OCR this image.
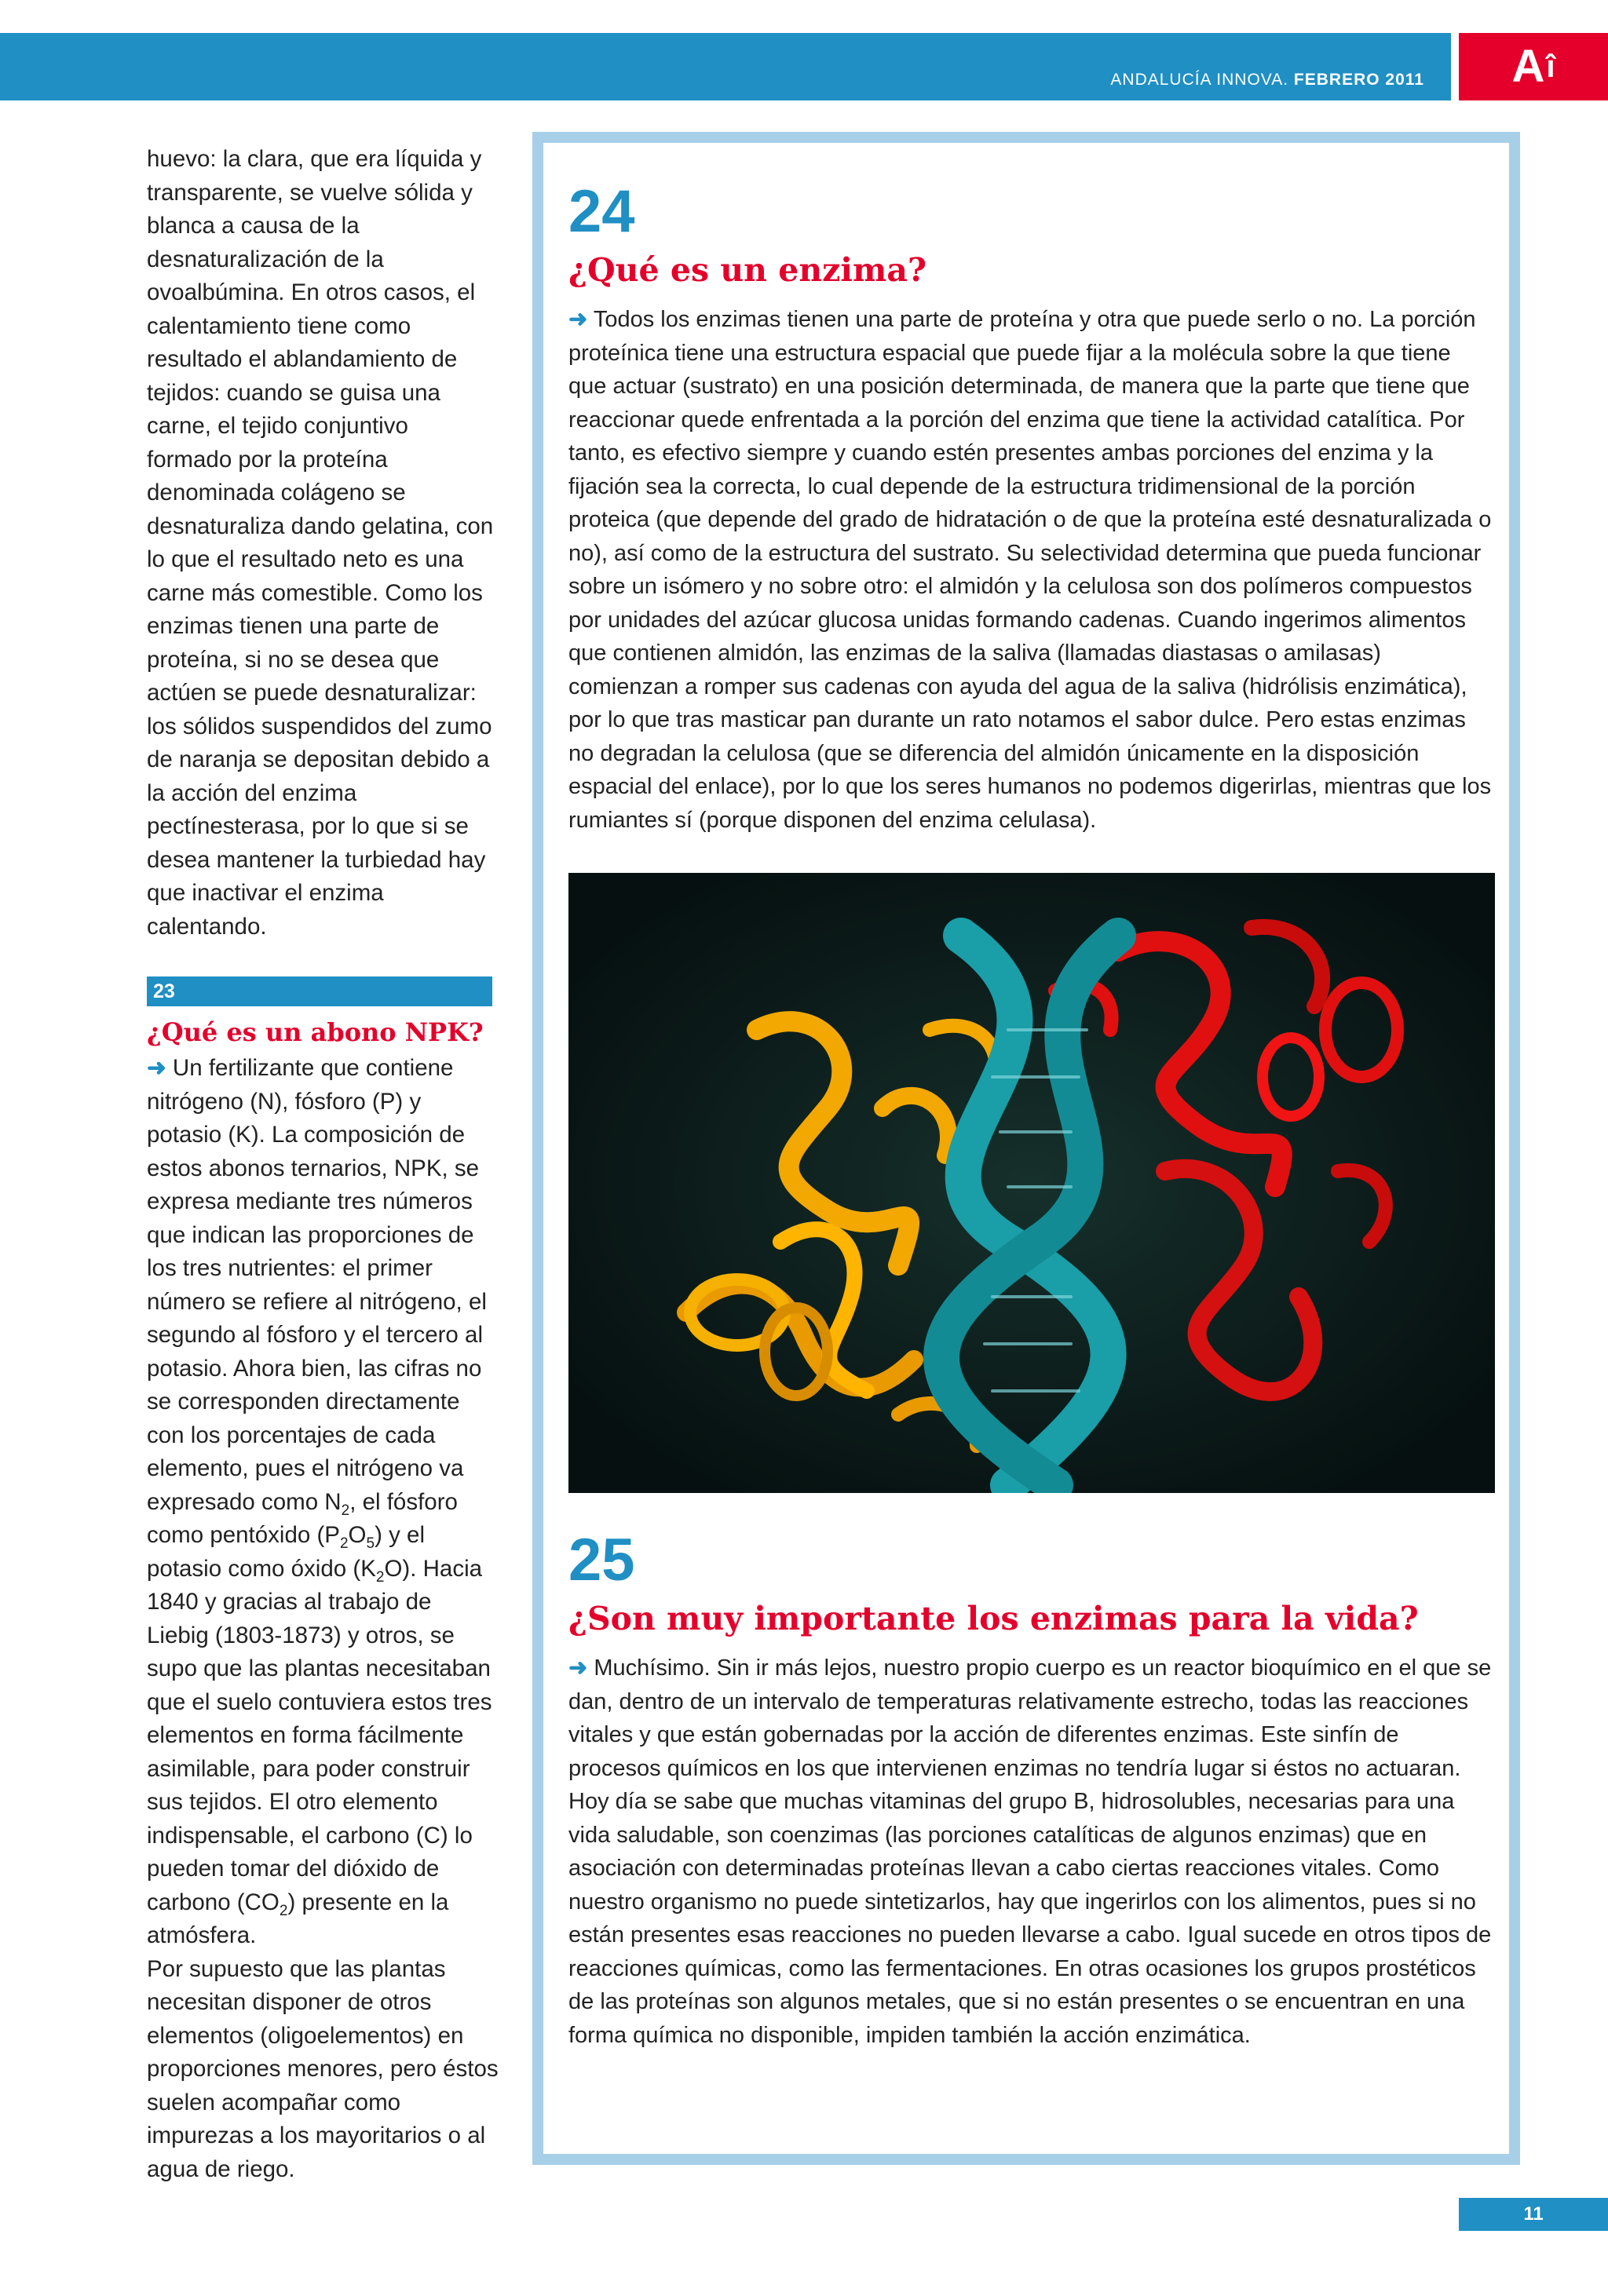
ANDALUCÍA INNOVA. FEBRERO 2011	$A^î$

huevo: la clara, que era líquida y transparente, se vuelve sólida y blanca a causa de la desnaturalización de la ovoalbúmina. En otros casos, el calentamiento tiene como resultado el ablandamiento de tejidos: cuando se guisa una carne, el tejido conjuntivo formado por la proteína denominada colágeno se desnaturaliza dando gelatina, con lo que el resultado neto es una carne más comestible. Como los enzimas tienen una parte de proteína, si no se desea que actúen se puede desnaturalizar: los sólidos suspendidos del zumo de naranja se depositan debido a la acción del enzima pectínesterasa, por lo que si se desea mantener la turbiedad hay que inactivar el enzima calentando.

23
¿Qué es un abono NPK?

➜ Un fertilizante que contiene nitrógeno (N), fósforo (P) y potasio (K). La composición de estos abonos ternarios, NPK, se expresa mediante tres números que indican las proporciones de los tres nutrientes: el primer número se refiere al nitrógeno, el segundo al fósforo y el tercero al potasio. Ahora bien, las cifras no se corresponden directamente con los porcentajes de cada elemento, pues el nitrógeno va expresado como $N_2$, el fósforo como pentóxido $(P_2O_5)$ y el potasio como óxido $(K_2O)$. Hacia 1840 y gracias al trabajo de Liebig (1803-1873) y otros, se supo que las plantas necesitaban que el suelo contuviera estos tres elementos en forma fácilmente asimilable, para poder construir sus tejidos. El otro elemento indispensable, el carbono (C) lo pueden tomar del dióxido de carbono $(CO_2)$ presente en la atmósfera.
Por supuesto que las plantas necesitan disponer de otros elementos (oligoelementos) en proporciones menores, pero éstos suelen acompañar como impurezas a los mayoritarios o al agua de riego.

24
¿Qué es un enzima?

➜ Todos los enzimas tienen una parte de proteína y otra que puede serlo o no. La porción proteínica tiene una estructura espacial que puede fijar a la molécula sobre la que tiene que actuar (sustrato) en una posición determinada, de manera que la parte que tiene que reaccionar quede enfrentada a la porción del enzima que tiene la actividad catalítica. Por tanto, es efectivo siempre y cuando estén presentes ambas porciones del enzima y la fijación sea la correcta, lo cual depende de la estructura tridimensional de la porción proteica (que depende del grado de hidratación o de que la proteína esté desnaturalizada o no), así como de la estructura del sustrato. Su selectividad determina que pueda funcionar sobre un isómero y no sobre otro: el almidón y la celulosa son dos polímeros compuestos por unidades del azúcar glucosa unidas formando cadenas. Cuando ingerimos alimentos que contienen almidón, las enzimas de la saliva (llamadas diastasas o amilasas) comienzan a romper sus cadenas con ayuda del agua de la saliva (hidrólisis enzimática), por lo que tras masticar pan durante un rato notamos el sabor dulce. Pero estas enzimas no degradan la celulosa (que se diferencia del almidón únicamente en la disposición espacial del enlace), por lo que los seres humanos no podemos digerirlas, mientras que los rumiantes sí (porque disponen del enzima celulasa).

25
¿Son muy importante los enzimas para la vida?

➜ Muchísimo. Sin ir más lejos, nuestro propio cuerpo es un reactor bioquímico en el que se dan, dentro de un intervalo de temperaturas relativamente estrecho, todas las reacciones vitales y que están gobernadas por la acción de diferentes enzimas. Este sinfín de procesos químicos en los que intervienen enzimas no tendría lugar si éstos no actuaran. Hoy día se sabe que muchas vitaminas del grupo B, hidrosolubles, necesarias para una vida saludable, son coenzimas (las porciones catalíticas de algunos enzimas) que en asociación con determinadas proteínas llevan a cabo ciertas reacciones vitales. Como nuestro organismo no puede sintetizarlos, hay que ingerirlos con los alimentos, pues si no están presentes esas reacciones no pueden llevarse a cabo. Igual sucede en otros tipos de reacciones químicas, como las fermentaciones. En otras ocasiones los grupos prostéticos de las proteínas son algunos metales, que si no están presentes o se encuentran en una forma química no disponible, impiden también la acción enzimática.

11
